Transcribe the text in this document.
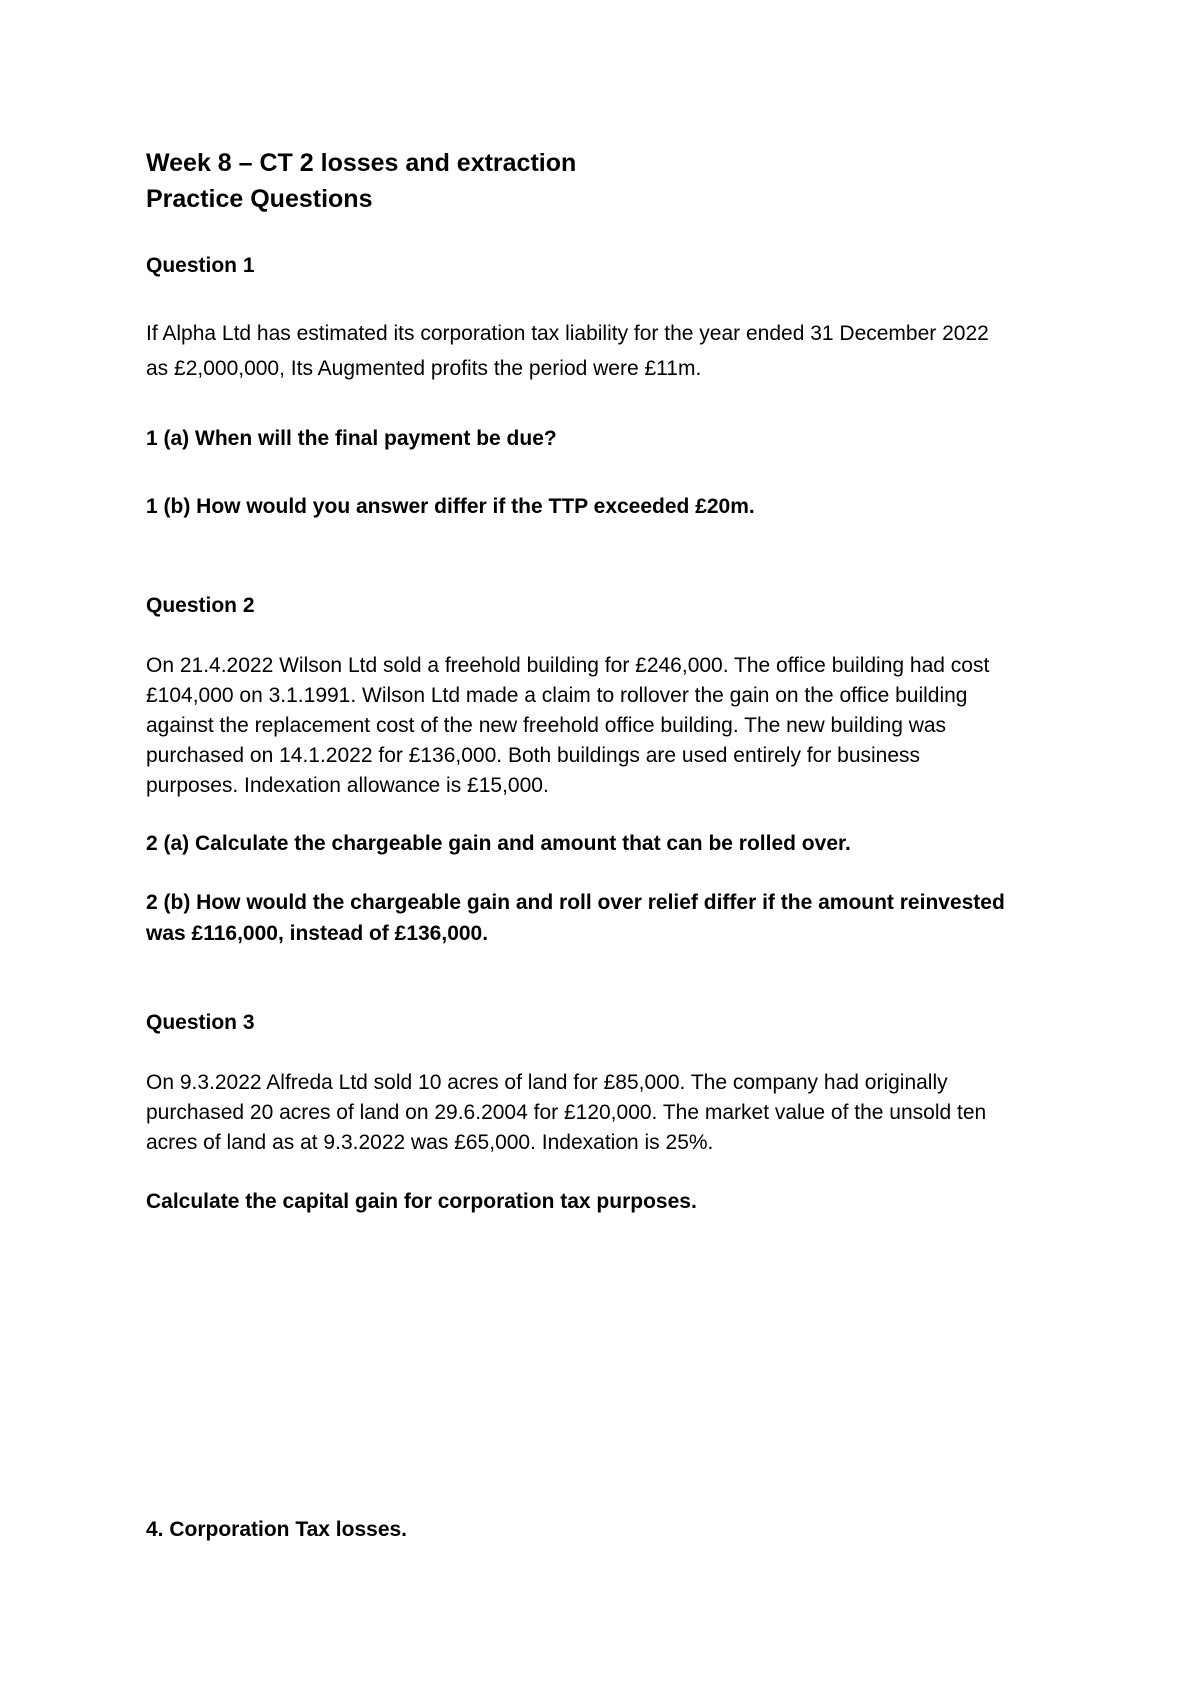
Week 8 – CT 2 losses and extraction

Practice Questions

Question 1

If Alpha Ltd has estimated its corporation tax liability for the year ended 31 December 2022

as £2,000,000, Its Augmented profits the period were £11m.

1 (a) When will the final payment be due?

1 (b) How would you answer differ if the TTP exceeded £20m.

Question 2

On 21.4.2022 Wilson Ltd sold a freehold building for £246,000. The office building had cost

£104,000 on 3.1.1991. Wilson Ltd made a claim to rollover the gain on the office building

against the replacement cost of the new freehold office building. The new building was

purchased on 14.1.2022 for £136,000. Both buildings are used entirely for business

purposes. Indexation allowance is £15,000.

2 (a) Calculate the chargeable gain and amount that can be rolled over.

2 (b) How would the chargeable gain and roll over relief differ if the amount reinvested

was £116,000, instead of £136,000.

Question 3

On 9.3.2022 Alfreda Ltd sold 10 acres of land for £85,000. The company had originally

purchased 20 acres of land on 29.6.2004 for £120,000. The market value of the unsold ten

acres of land as at 9.3.2022 was £65,000. Indexation is 25%.

Calculate the capital gain for corporation tax purposes.

4. Corporation Tax losses.
